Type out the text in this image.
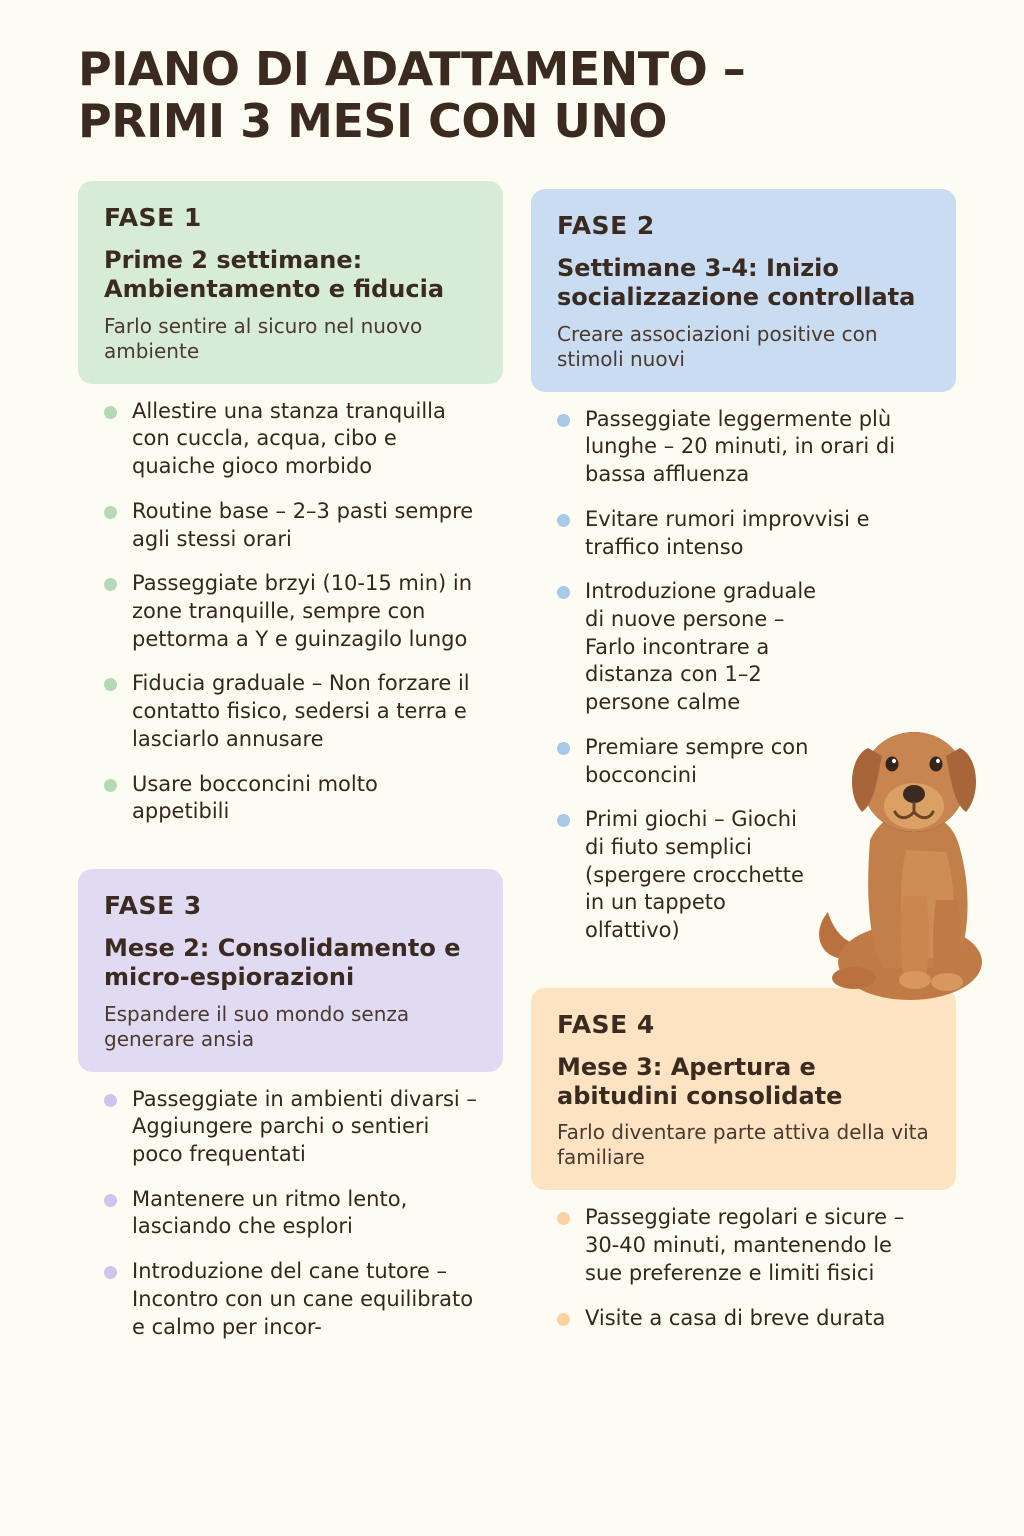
PIANO DI ADATTAMENTO – PRIMI 3 MESI CON UNO
FASE 1
Prime 2 settimane: Ambientamento e fiducia
Farlo sentire al sicuro nel nuovo ambiente
Allestire una stanza tranquilla con cuccla, acqua, cibo e quaiche gioco morbido
Routine base – 2–3 pasti sempre agli stessi orari
Passeggiate brzyi (10-15 min) in zone tranquille, sempre con pettorma a Y e guinzagilo lungo
Fiducia graduale – Non forzare il contatto fisico, sedersi a terra e lasciarlo annusare
Usare bocconcini molto appetibili
FASE 3
Mese 2: Consolidamento e micro-espiorazioni
Espandere il suo mondo senza generare ansia
Passeggiate in ambienti divarsi – Aggiungere parchi o sentieri poco frequentati
Mantenere un ritmo lento, lasciando che esplori
Introduzione del cane tutore – Incontro con un cane equilibrato e calmo per incor-
FASE 2
Settimane 3-4: Inizio socializzazione controllata
Creare associazioni positive con stimoli nuovi
Passeggiate leggermente plù lunghe – 20 minuti, in orari di bassa affluenza
Evitare rumori improvvisi e traffico intenso
Introduzione graduale di nuove persone – Farlo incontrare a distanza con 1–2 persone calme
Premiare sempre con bocconcini
Primi giochi – Giochi di fiuto semplici (spergere crocchette in un tappeto olfattivo)
FASE 4
Mese 3: Apertura e abitudini consolidate
Farlo diventare parte attiva della vita familiare
Passeggiate regolari e sicure – 30-40 minuti, mantenendo le sue preferenze e limiti fisici
Visite a casa di breve durata
